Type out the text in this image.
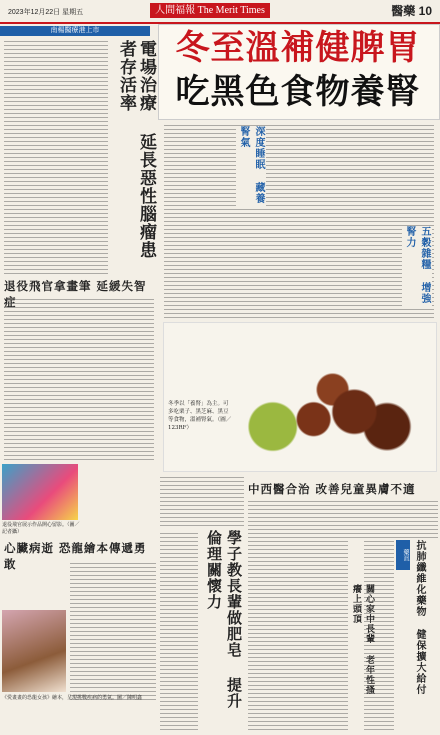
2023年12月22日 星期五	人間福報 The Merit Times	醫藥 10
南楊醫療港上市
電場治療 延長惡性腦瘤患者存活率
退役飛官拿畫筆 延緩失智症
退役飛官展示作品開心留影。（圖／記者攝）
心臟病逝 恐龍繪本傳遞勇敢
《愛畫畫的恐龍女孩》繪本，呈現挑戰疾病的勇氣。圖／陳明鑫
冬至溫補健脾胃
吃黑色食物養腎
深度睡眠 藏養腎氣
五穀雜糧 增強腎力
冬季以「養腎」為主。可多吃栗子、黑芝麻、黑豆等食物，溫補腎氣。（圖／123RF）
中西醫合治 改善兒童異膚不適
學子教長輩做肥皂 提升倫理關懷力
關心家中長輩 老年性搔癢上頭頂
藥訊 抗肺纖維化藥物 健保擴大給付
